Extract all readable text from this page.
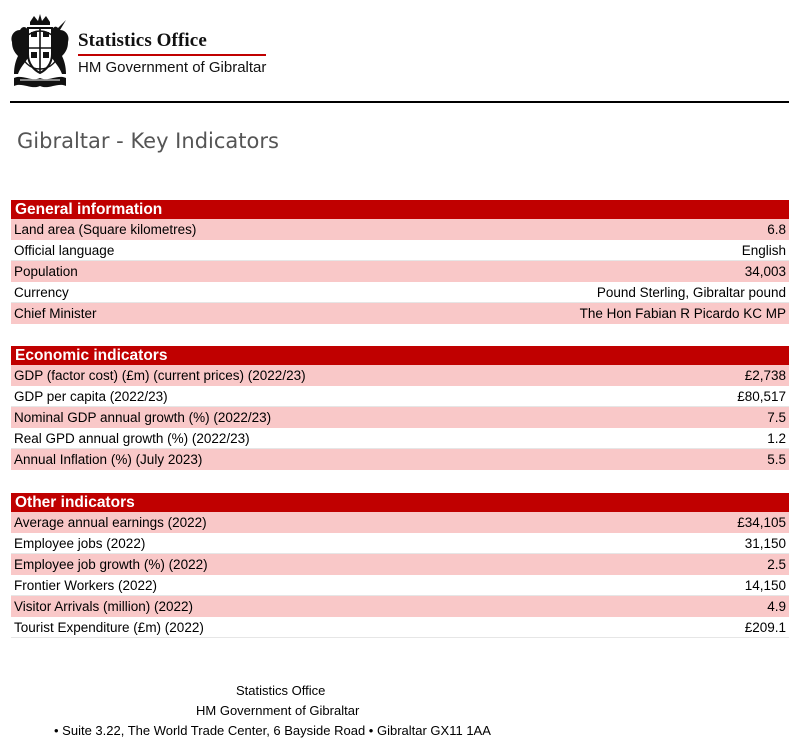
Statistics Office
HM Government of Gibraltar
Gibraltar - Key Indicators
General information
Land area (Square kilometres)	6.8
Official language	English
Population	34,003
Currency	Pound Sterling, Gibraltar pound
Chief Minister	The Hon Fabian R Picardo KC MP
Economic indicators
GDP (factor cost) (£m) (current prices) (2022/23)	£2,738
GDP per capita (2022/23)	£80,517
Nominal GDP annual growth (%) (2022/23)	7.5
Real GPD annual growth (%) (2022/23)	1.2
Annual Inflation (%) (July 2023)	5.5
Other indicators
Average annual earnings (2022)	£34,105
Employee jobs (2022)	31,150
Employee job growth (%) (2022)	2.5
Frontier Workers (2022)	14,150
Visitor Arrivals (million) (2022)	4.9
Tourist Expenditure (£m) (2022)	£209.1
Statistics Office
HM Government of Gibraltar
• Suite 3.22, The World Trade Center, 6 Bayside Road • Gibraltar GX11 1AA
